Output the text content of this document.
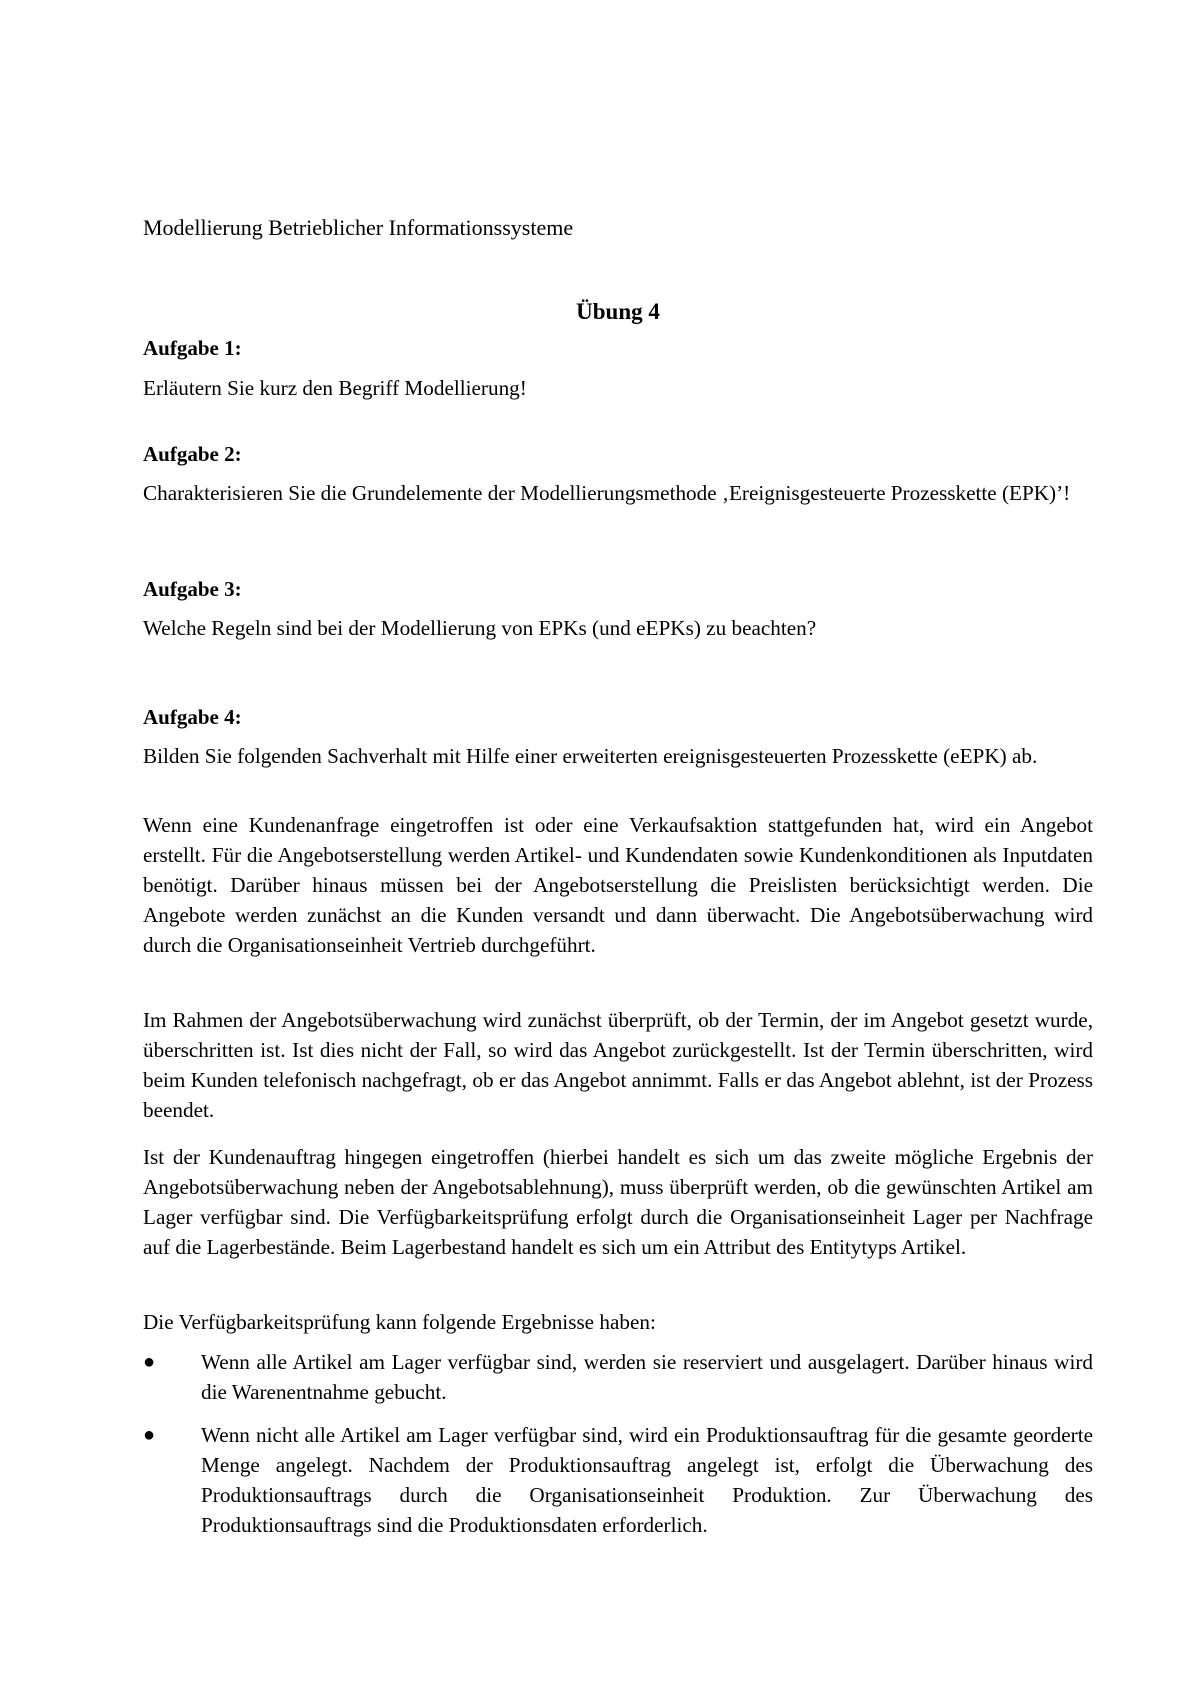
Modellierung Betrieblicher Informationssysteme
Übung 4
Aufgabe 1:
Erläutern Sie kurz den Begriff Modellierung!
Aufgabe 2:
Charakterisieren Sie die Grundelemente der Modellierungsmethode ‚Ereignisgesteuerte Prozesskette (EPK)’!
Aufgabe 3:
Welche Regeln sind bei der Modellierung von EPKs (und eEPKs) zu beachten?
Aufgabe 4:
Bilden Sie folgenden Sachverhalt mit Hilfe einer erweiterten ereignisgesteuerten Prozesskette (eEPK) ab.
Wenn eine Kundenanfrage eingetroffen ist oder eine Verkaufsaktion stattgefunden hat, wird ein Angebot erstellt. Für die Angebotserstellung werden Artikel- und Kundendaten sowie Kundenkonditionen als Inputdaten benötigt. Darüber hinaus müssen bei der Angebotserstellung die Preislisten berücksichtigt werden. Die Angebote werden zunächst an die Kunden versandt und dann überwacht. Die Angebotsüberwachung wird durch die Organisationseinheit Vertrieb durchgeführt.
Im Rahmen der Angebotsüberwachung wird zunächst überprüft, ob der Termin, der im Angebot gesetzt wurde, überschritten ist. Ist dies nicht der Fall, so wird das Angebot zurückgestellt. Ist der Termin überschritten, wird beim Kunden telefonisch nachgefragt, ob er das Angebot annimmt. Falls er das Angebot ablehnt, ist der Prozess beendet.
Ist der Kundenauftrag hingegen eingetroffen (hierbei handelt es sich um das zweite mögliche Ergebnis der Angebotsüberwachung neben der Angebotsablehnung), muss überprüft werden, ob die gewünschten Artikel am Lager verfügbar sind. Die Verfügbarkeitsprüfung erfolgt durch die Organisationseinheit Lager per Nachfrage auf die Lagerbestände. Beim Lagerbestand handelt es sich um ein Attribut des Entitytyps Artikel.
Die Verfügbarkeitsprüfung kann folgende Ergebnisse haben:
● Wenn alle Artikel am Lager verfügbar sind, werden sie reserviert und ausgelagert. Darüber hinaus wird die Warenentnahme gebucht.
● Wenn nicht alle Artikel am Lager verfügbar sind, wird ein Produktionsauftrag für die gesamte georderte Menge angelegt. Nachdem der Produktionsauftrag angelegt ist, erfolgt die Überwachung des Produktionsauftrags durch die Organisationseinheit Produktion. Zur Überwachung des Produktionsauftrags sind die Produktionsdaten erforderlich.
